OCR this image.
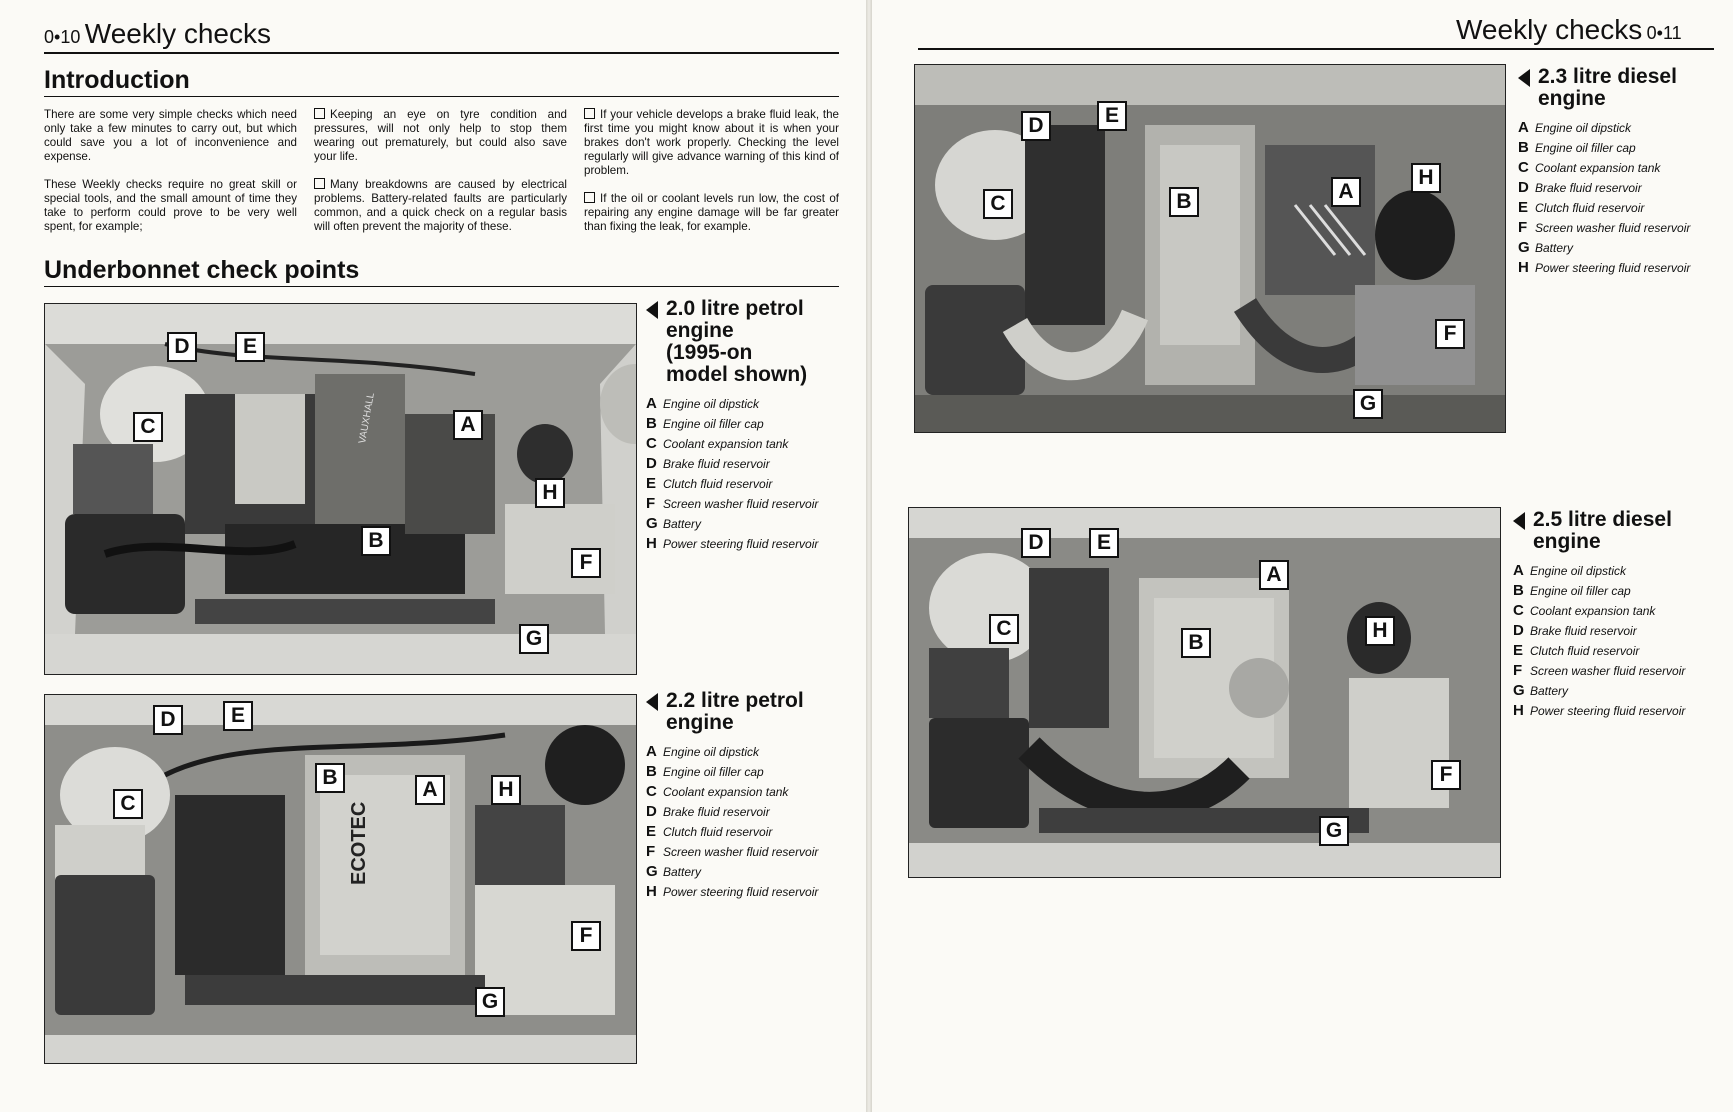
0•10 Weekly checks
Introduction

There are some very simple checks which need only take a few minutes to carry out, but which could save you a lot of inconvenience and expense.

These Weekly checks require no great skill or special tools, and the small amount of time they take to perform could prove to be very well spent, for example;

Keeping an eye on tyre condition and pressures, will not only help to stop them wearing out prematurely, but could also save your life.

Many breakdowns are caused by electrical problems. Battery-related faults are particularly common, and a quick check on a regular basis will often prevent the majority of these.

If your vehicle develops a brake fluid leak, the first time you might know about it is when your brakes don't work properly. Checking the level regularly will give advance warning of this kind of problem.

If the oil or coolant levels run low, the cost of repairing any engine damage will be far greater than fixing the leak, for example.

Underbonnet check points
VAUXHALL
D	E
C	A
H
B
F
G
2.0 litre petrol
engine
(1995-on
model shown)
A Engine oil dipstick
B Engine oil filler cap
C Coolant expansion tank
D Brake fluid reservoir
E Clutch fluid reservoir
F Screen washer fluid reservoir
G Battery
H Power steering fluid reservoir
ECOTEC
D	E
C
B
A	H
F
G
2.2 litre petrol
engine
A Engine oil dipstick
B Engine oil filler cap
C Coolant expansion tank
D Brake fluid reservoir
E Clutch fluid reservoir
F Screen washer fluid reservoir
G Battery
H Power steering fluid reservoir
Weekly checks 0•11
D	E
C	B	A
H
F
G
2.3 litre diesel
engine
A Engine oil dipstick
B Engine oil filler cap
C Coolant expansion tank
D Brake fluid reservoir
E Clutch fluid reservoir
F Screen washer fluid reservoir
G Battery
H Power steering fluid reservoir
D	E
C
A
B
H
F
G
2.5 litre diesel
engine
A Engine oil dipstick
B Engine oil filler cap
C Coolant expansion tank
D Brake fluid reservoir
E Clutch fluid reservoir
F Screen washer fluid reservoir
G Battery
H Power steering fluid reservoir
